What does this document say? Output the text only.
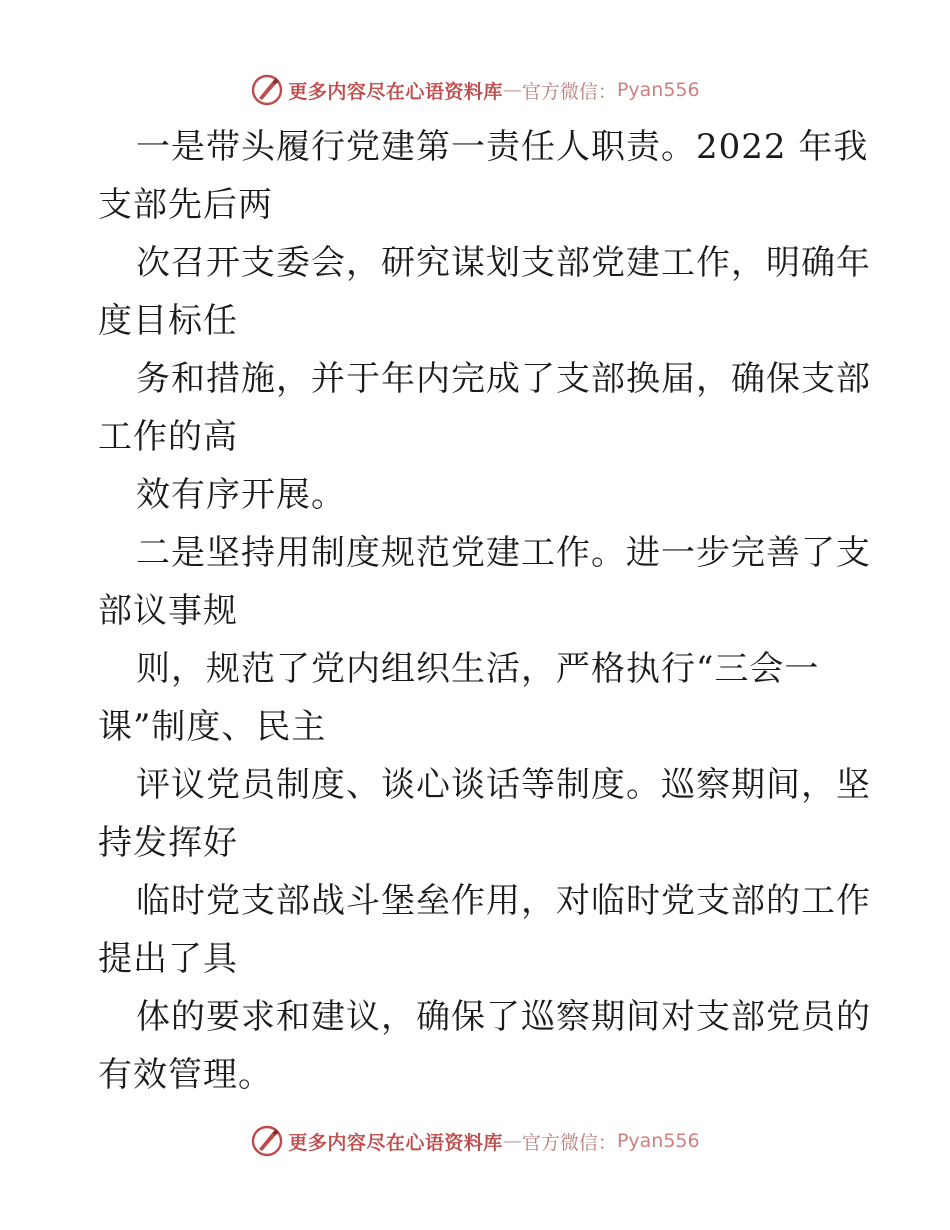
更多内容尽在心语资料库 — 官方微信： Pyan556
一是带头履行党建第一责任人职责。2022 年我
支部先后两
次召开支委会，研究谋划支部党建工作，明确年
度目标任
务和措施，并于年内完成了支部换届，确保支部
工作的高
效有序开展。
二是坚持用制度规范党建工作。进一步完善了支
部议事规
则，规范了党内组织生活，严格执行“三会一
课”制度、民主
评议党员制度、谈心谈话等制度。巡察期间，坚
持发挥好
临时党支部战斗堡垒作用，对临时党支部的工作
提出了具
体的要求和建议，确保了巡察期间对支部党员的
有效管理。
更多内容尽在心语资料库 — 官方微信： Pyan556
